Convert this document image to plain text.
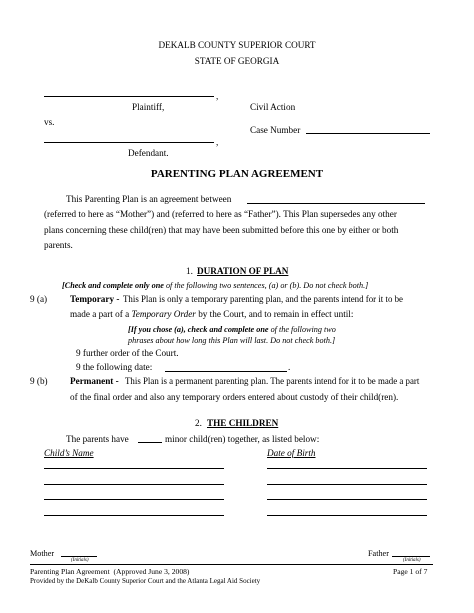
DEKALB COUNTY SUPERIOR COURT
STATE OF GEORGIA
,
Plaintiff,
vs.
,
Defendant.
Civil Action
Case Number
PARENTING PLAN AGREEMENT
This Parenting Plan is an agreement between
(referred to here as “Mother”) and (referred to here as “Father”). This Plan supersedes any other
plans concerning these child(ren) that may have been submitted before this one by either or both
parents.
1. DURATION OF PLAN
[Check and complete only one of the following two sentences, (a) or (b). Do not check both.]
9 (a) Temporary - This Plan is only a temporary parenting plan, and the parents intend for it to be
made a part of a Temporary Order by the Court, and to remain in effect until:
[If you chose (a), check and complete one of the following two
phrases about how long this Plan will last. Do not check both.]
9 further order of the Court.
9 the following date:	.
9 (b) Permanent - This Plan is a permanent parenting plan. The parents intend for it to be made a part
of the final order and also any temporary orders entered about custody of their child(ren).
2. THE CHILDREN
The parents have	minor child(ren) together, as listed below:
Child’s Name	Date of Birth
Mother
(Initials)
Father
(Initials)
Parenting Plan Agreement (Approved June 3, 2008)	Page 1 of 7
Provided by the DeKalb County Superior Court and the Atlanta Legal Aid Society
